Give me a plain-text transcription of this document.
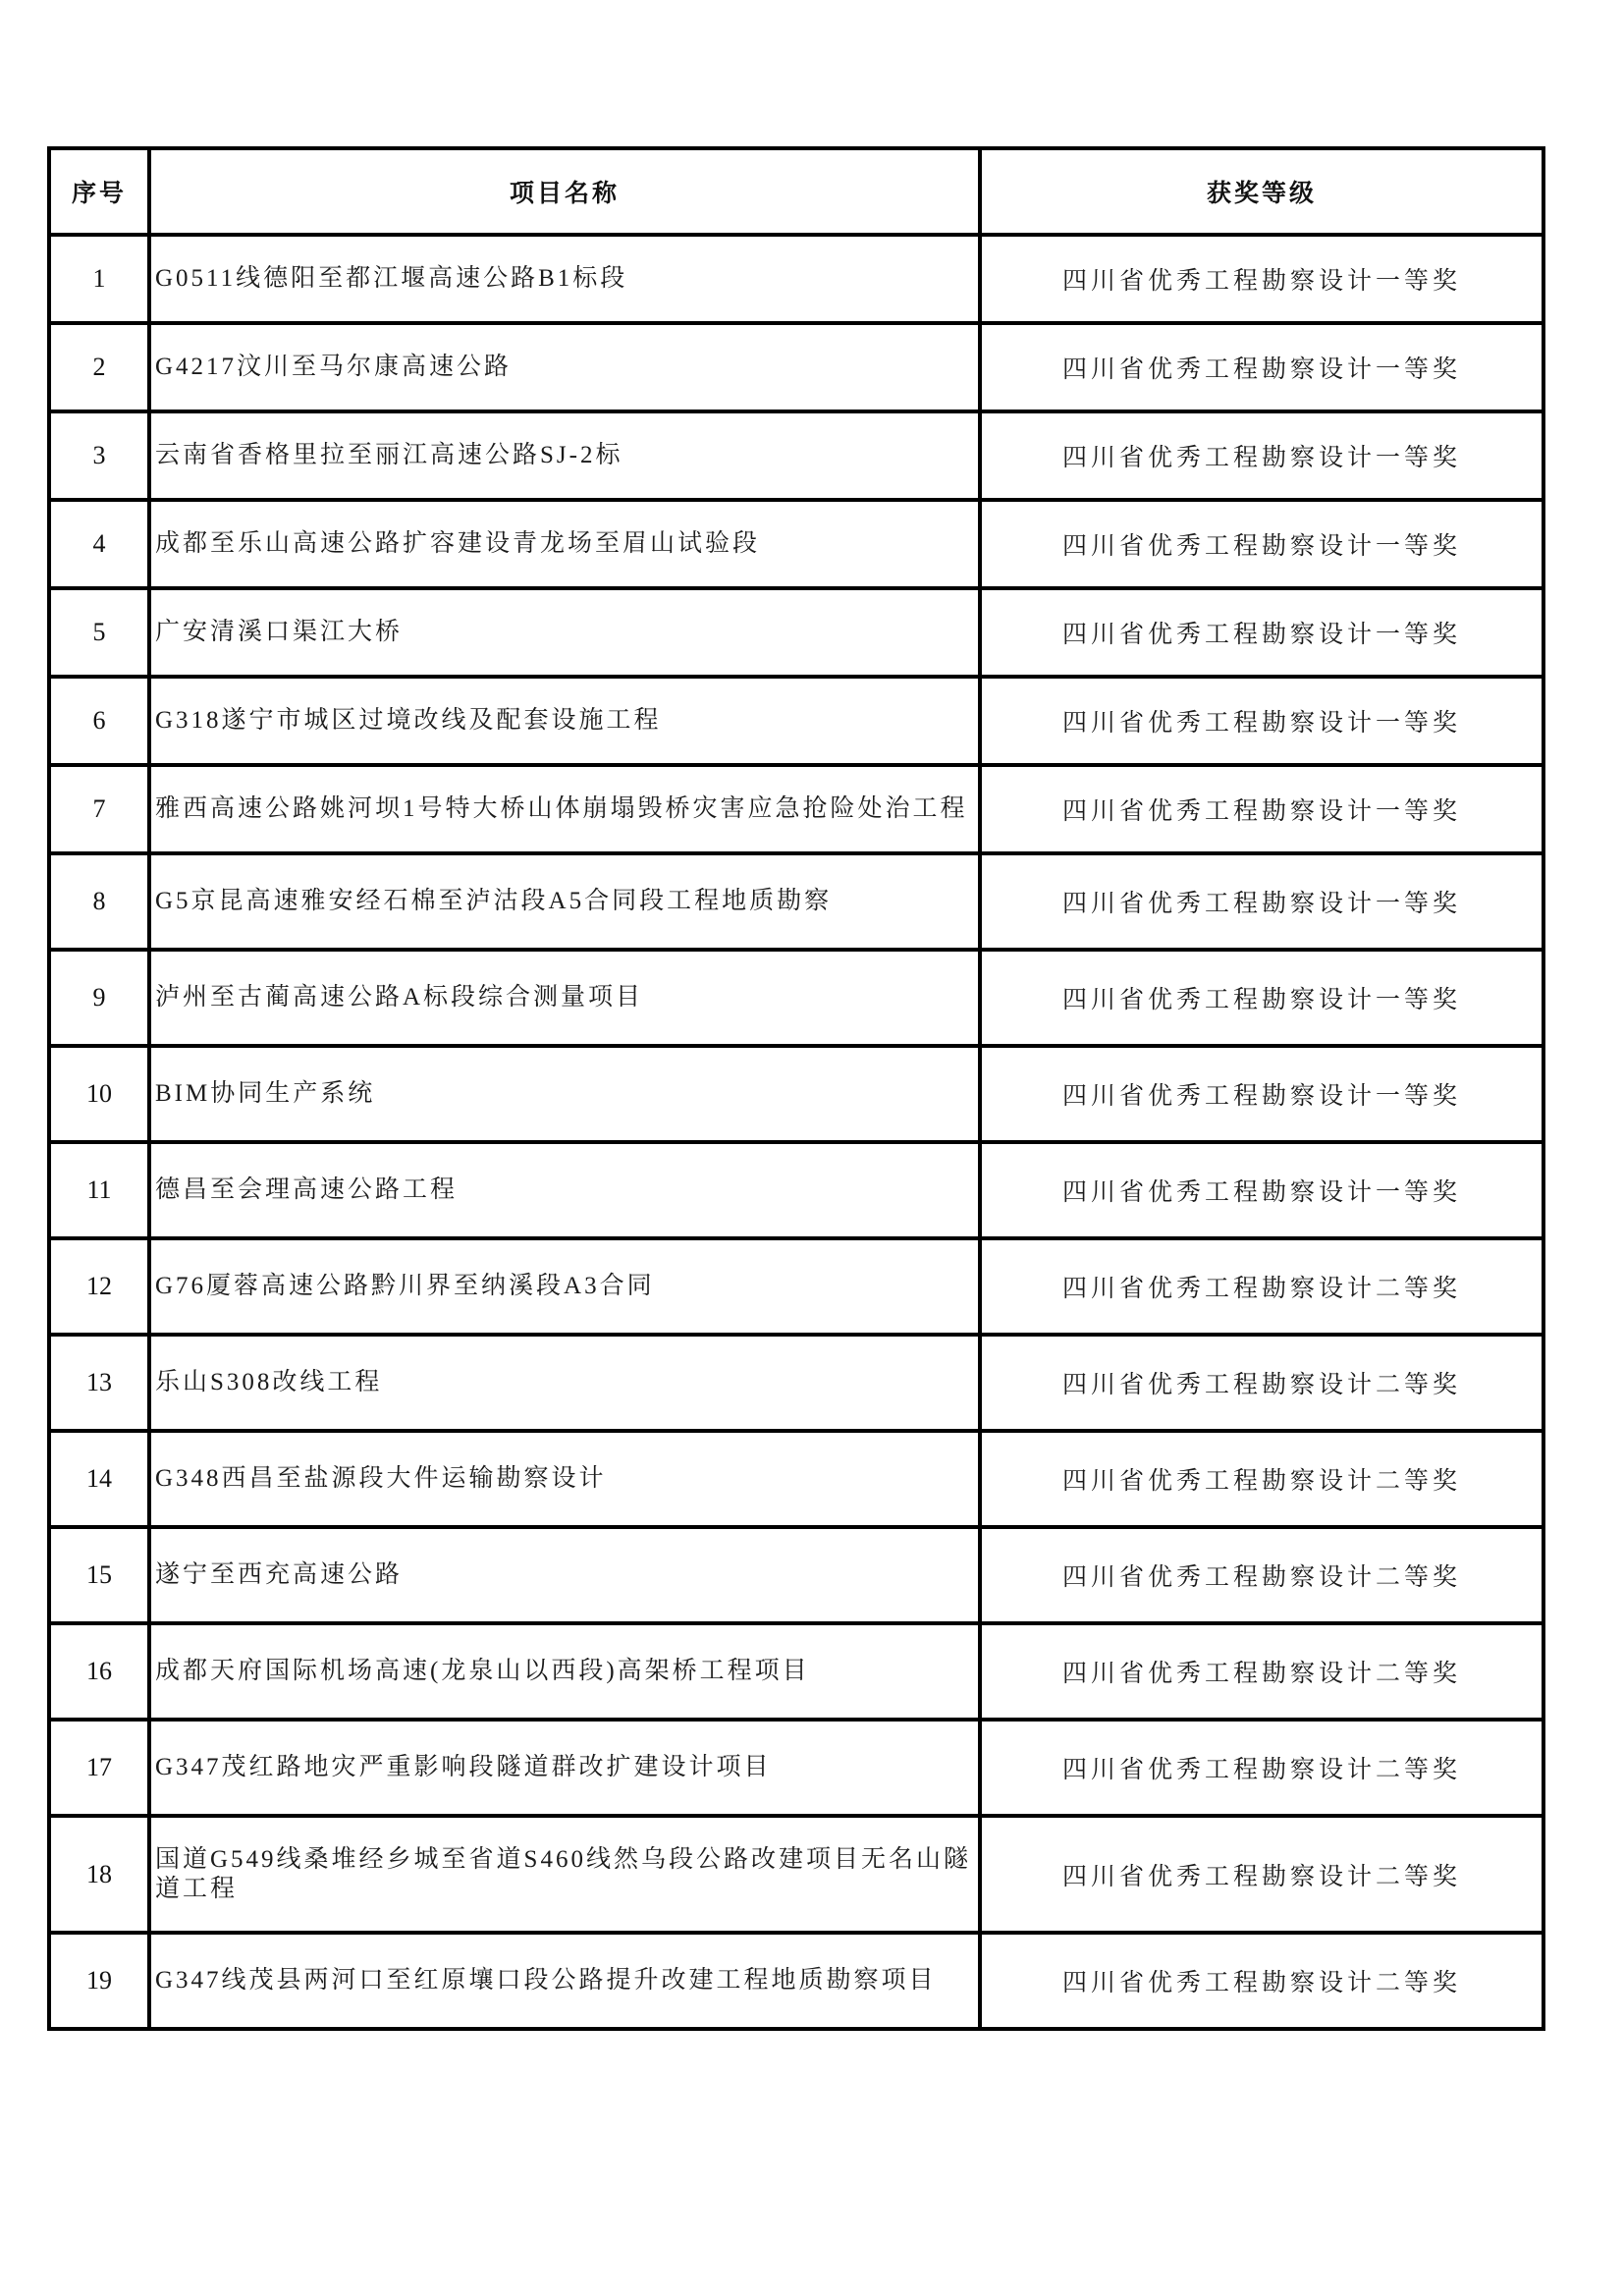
序号	项目名称	获奖等级
1	G0511线德阳至都江堰高速公路B1标段	四川省优秀工程勘察设计一等奖
2	G4217汶川至马尔康高速公路	四川省优秀工程勘察设计一等奖
3	云南省香格里拉至丽江高速公路SJ-2标	四川省优秀工程勘察设计一等奖
4	成都至乐山高速公路扩容建设青龙场至眉山试验段	四川省优秀工程勘察设计一等奖
5	广安清溪口渠江大桥	四川省优秀工程勘察设计一等奖
6	G318遂宁市城区过境改线及配套设施工程	四川省优秀工程勘察设计一等奖
7	雅西高速公路姚河坝1号特大桥山体崩塌毁桥灾害应急抢险处治工程	四川省优秀工程勘察设计一等奖
8	G5京昆高速雅安经石棉至泸沽段A5合同段工程地质勘察	四川省优秀工程勘察设计一等奖
9	泸州至古蔺高速公路A标段综合测量项目	四川省优秀工程勘察设计一等奖
10	BIM协同生产系统	四川省优秀工程勘察设计一等奖
11	德昌至会理高速公路工程	四川省优秀工程勘察设计一等奖
12	G76厦蓉高速公路黔川界至纳溪段A3合同	四川省优秀工程勘察设计二等奖
13	乐山S308改线工程	四川省优秀工程勘察设计二等奖
14	G348西昌至盐源段大件运输勘察设计	四川省优秀工程勘察设计二等奖
15	遂宁至西充高速公路	四川省优秀工程勘察设计二等奖
16	成都天府国际机场高速(龙泉山以西段)高架桥工程项目	四川省优秀工程勘察设计二等奖
17	G347茂红路地灾严重影响段隧道群改扩建设计项目	四川省优秀工程勘察设计二等奖
18	国道G549线桑堆经乡城至省道S460线然乌段公路改建项目无名山隧道工程	四川省优秀工程勘察设计二等奖
19	G347线茂县两河口至红原壤口段公路提升改建工程地质勘察项目	四川省优秀工程勘察设计二等奖
